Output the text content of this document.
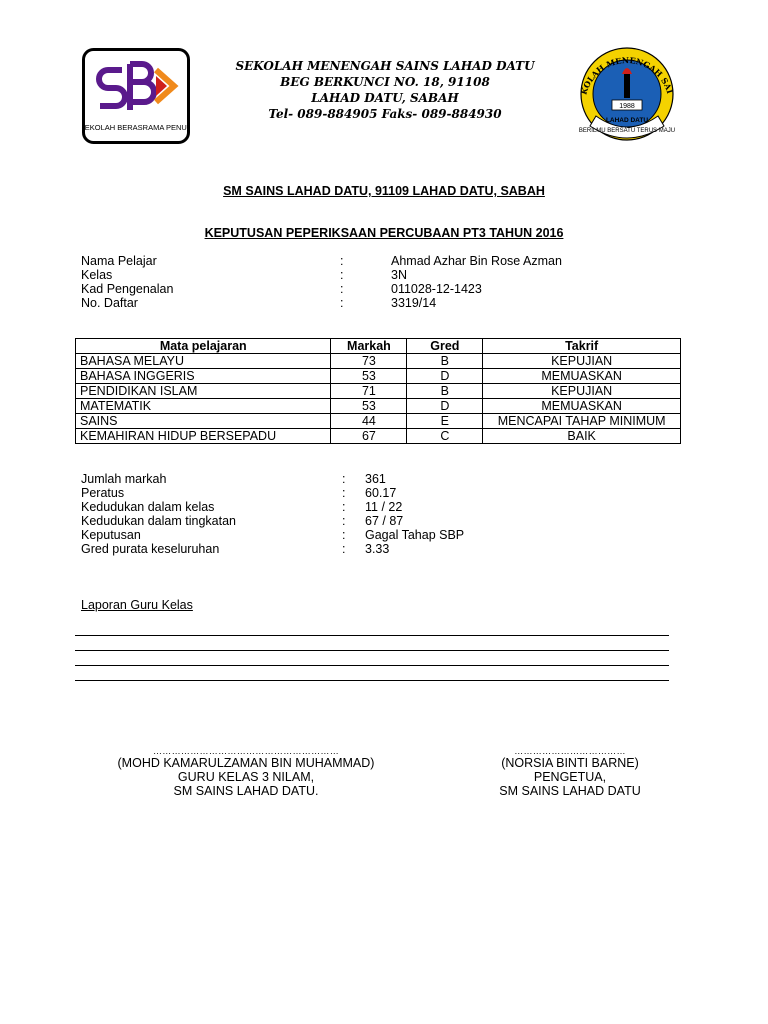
SEKOLAH BERASRAMA PENUH
SEKOLAH MENENGAH SAINS LAHAD DATU
BEG BERKUNCI NO. 18, 91108
LAHAD DATU, SABAH
Tel- 089-884905 Faks- 089-884930
KOLAH MENENGAH SAI
1988
BERILMU BERSATU TERUS MAJU
LAHAD DATU
SM SAINS LAHAD DATU, 91109 LAHAD DATU, SABAH
KEPUTUSAN PEPERIKSAAN PERCUBAAN PT3 TAHUN 2016
Nama Pelajar	:	Ahmad Azhar Bin Rose Azman
Kelas	:	3N
Kad Pengenalan	:	011028-12-1423
No. Daftar	:	3319/14
Mata pelajaran	Markah	Gred	Takrif
BAHASA MELAYU	73	B	KEPUJIAN
BAHASA INGGERIS	53	D	MEMUASKAN
PENDIDIKAN ISLAM	71	B	KEPUJIAN
MATEMATIK	53	D	MEMUASKAN
SAINS	44	E	MENCAPAI TAHAP MINIMUM
KEMAHIRAN HIDUP BERSEPADU	67	C	BAIK
Jumlah markah	: 361
Peratus	: 60.17
Kedudukan dalam kelas	: 11 / 22
Kedudukan dalam tingkatan	: 67 / 87
Keputusan	: Gagal Tahap SBP
Gred purata keseluruhan	: 3.33
Laporan Guru Kelas
……………………………………………………
(MOHD KAMARULZAMAN BIN MUHAMMAD)
GURU KELAS 3 NILAM,
SM SAINS LAHAD DATU.
………………………………
(NORSIA BINTI BARNE)
PENGETUA,
SM SAINS LAHAD DATU
